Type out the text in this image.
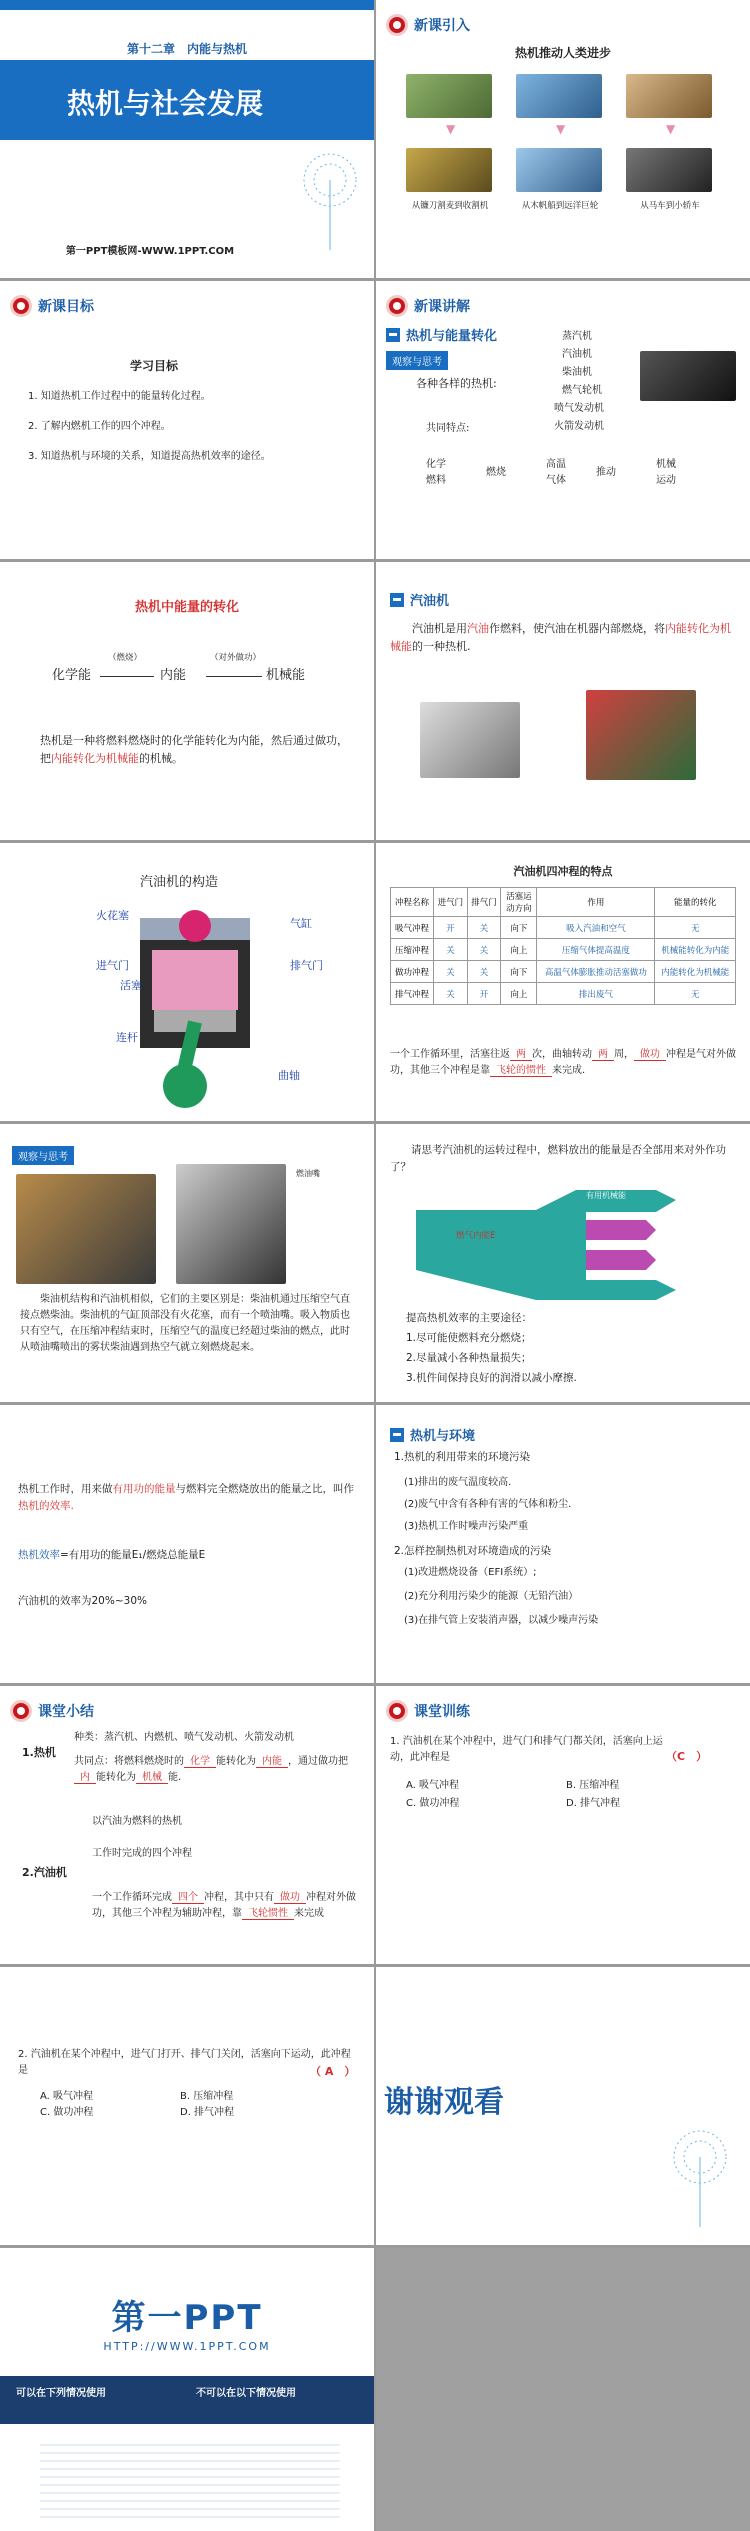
第十二章　内能与热机
热机与社会发展
第一PPT模板网-WWW.1PPT.COM
新课引入
热机推动人类进步
▼	▼	▼
从镰刀割麦到收割机	从木帆船到远洋巨轮	从马车到小轿车
新课目标
学习目标
1. 知道热机工作过程中的能量转化过程。
2. 了解内燃机工作的四个冲程。
3. 知道热机与环境的关系，知道提高热机效率的途径。
新课讲解
热机与能量转化
观察与思考
蒸汽机
汽油机
柴油机
燃气轮机
喷气发动机
火箭发动机
各种各样的热机:
共同特点:
化学
燃料
燃烧
高温
气体
推动
机械
运动
热机中能量的转化
（燃烧）	（对外做功）
化学能	内能	机械能
热机是一种将燃料燃烧时的化学能转化为内能，然后通过做功，把内能转化为机械能的机械。
汽油机
汽油机是用汽油作燃料，使汽油在机器内部燃烧，将内能转化为机械能的一种热机.
汽油机的构造
火花塞
气缸
进气门	排气门
活塞
连杆
曲轴
汽油机四冲程的特点
冲程名称	进气门	排气门	活塞运动方向	作用	能量的转化
吸气冲程	开	关	向下	吸入汽油和空气	无
压缩冲程	关	关	向上	压缩气体提高温度	机械能转化为内能
做功冲程	关	关	向下	高温气体膨胀推动活塞做功	内能转化为机械能
排气冲程	关	开	向上	排出废气	无
一个工作循环里，活塞往返 两 次，曲轴转动 两 周， 做功 冲程是气对外做功，其他三个冲程是靠 飞轮的惯性 来完成.
观察与思考
燃油嘴
柴油机结构和汽油机相似，它们的主要区别是：柴油机通过压缩空气直接点燃柴油。柴油机的气缸顶部没有火花塞，而有一个喷油嘴。吸入物质也只有空气，在压缩冲程结束时，压缩空气的温度已经超过柴油的燃点，此时从喷油嘴喷出的雾状柴油遇到热空气就立刻燃烧起来。
请思考汽油机的运转过程中，燃料放出的能量是否全部用来对外作功了？
燃气内能E
有用机械能
提高热机效率的主要途径：
1.尽可能使燃料充分燃烧；
2.尽量减小各种热量损失；
3.机件间保持良好的润滑以减小摩擦.
热机工作时，用来做有用功的能量与燃料完全燃烧放出的能量之比，叫作热机的效率.
热机效率=有用功的能量E₁/燃烧总能量E
汽油机的效率为20%~30%
热机与环境
1.热机的利用带来的环境污染
(1)排出的废气温度较高.
(2)废气中含有各种有害的气体和粉尘.
(3)热机工作时噪声污染严重
2.怎样控制热机对环境造成的污染
(1)改进燃烧设备（EFI系统）;
(2)充分利用污染少的能源（无铅汽油）
(3)在排气管上安装消声器，以减少噪声污染
课堂小结
1.热机
种类：蒸汽机、内燃机、喷气发动机、火箭发动机
共同点：将燃料燃烧时的 化学 能转化为 内能 ，通过做功把内 能转化为 机械 能.
以汽油为燃料的热机
2.汽油机
工作时完成的四个冲程
一个工作循环完成 四个 冲程，其中只有 做功 冲程对外做功，其他三个冲程为辅助冲程，靠 飞轮惯性 来完成
课堂训练
1. 汽油机在某个冲程中，进气门和排气门都关闭，活塞向上运动，此冲程是	（C　）
A. 吸气冲程	B. 压缩冲程
C. 做功冲程	D. 排气冲程
2. 汽油机在某个冲程中，进气门打开、排气门关闭，活塞向下运动，此冲程是	（ A　）
A. 吸气冲程	B. 压缩冲程
C. 做功冲程	D. 排气冲程	谢谢观看
第一PPT
HTTP://WWW.1PPT.COM
可以在下列情况使用	不可以在以下情况使用
